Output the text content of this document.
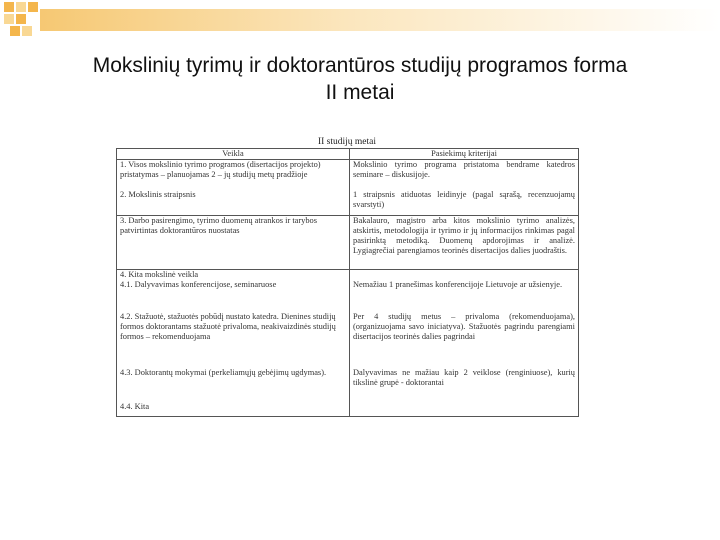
Mokslinių tyrimų ir doktorantūros studijų programos forma
II metai
II studijų metai
Veikla	Pasiekimų kriterijai
1. Visos mokslinio tyrimo programos (disertacijos projekto) pristatymas – planuojamas 2 – jų studijų metų pradžioje	Mokslinio tyrimo programa pristatoma bendrame katedros seminare – diskusijoje.
2. Mokslinis straipsnis	1 straipsnis atiduotas leidinyje (pagal sąrašą, recenzuojamų svarstyti)
3. Darbo pasirengimo, tyrimo duomenų atrankos ir tarybos patvirtintas doktorantūros nuostatas	Bakalauro, magistro arba kitos mokslinio tyrimo analizės, atskirtis, metodologija ir tyrimo ir jų informacijos rinkimas pagal pasirinktą metodiką. Duomenų apdorojimas ir analizė. Lygiagrečiai parengiamos teorinės disertacijos dalies juodraštis.
4. Kita mokslinė veikla	
4.1. Dalyvavimas konferencijose, seminaruose	Nemažiau 1 pranešimas konferencijoje Lietuvoje ar užsienyje.
4.2. Stažuotė, stažuotės pobūdį nustato katedra. Dienines studijų formos doktorantams stažuotė privaloma, neakivaizdinės studijų formos – rekomenduojama	Per 4 studijų metus – privaloma (rekomenduojama), (organizuojama savo iniciatyva). Stažuotės pagrindu parengiami disertacijos teorinės dalies pagrindai
4.3. Doktorantų mokymai (perkeliamųjų gebėjimų ugdymas).	Dalyvavimas ne mažiau kaip 2 veiklose (renginiuose), kurių tikslinė grupė - doktorantai
4.4. Kita	
